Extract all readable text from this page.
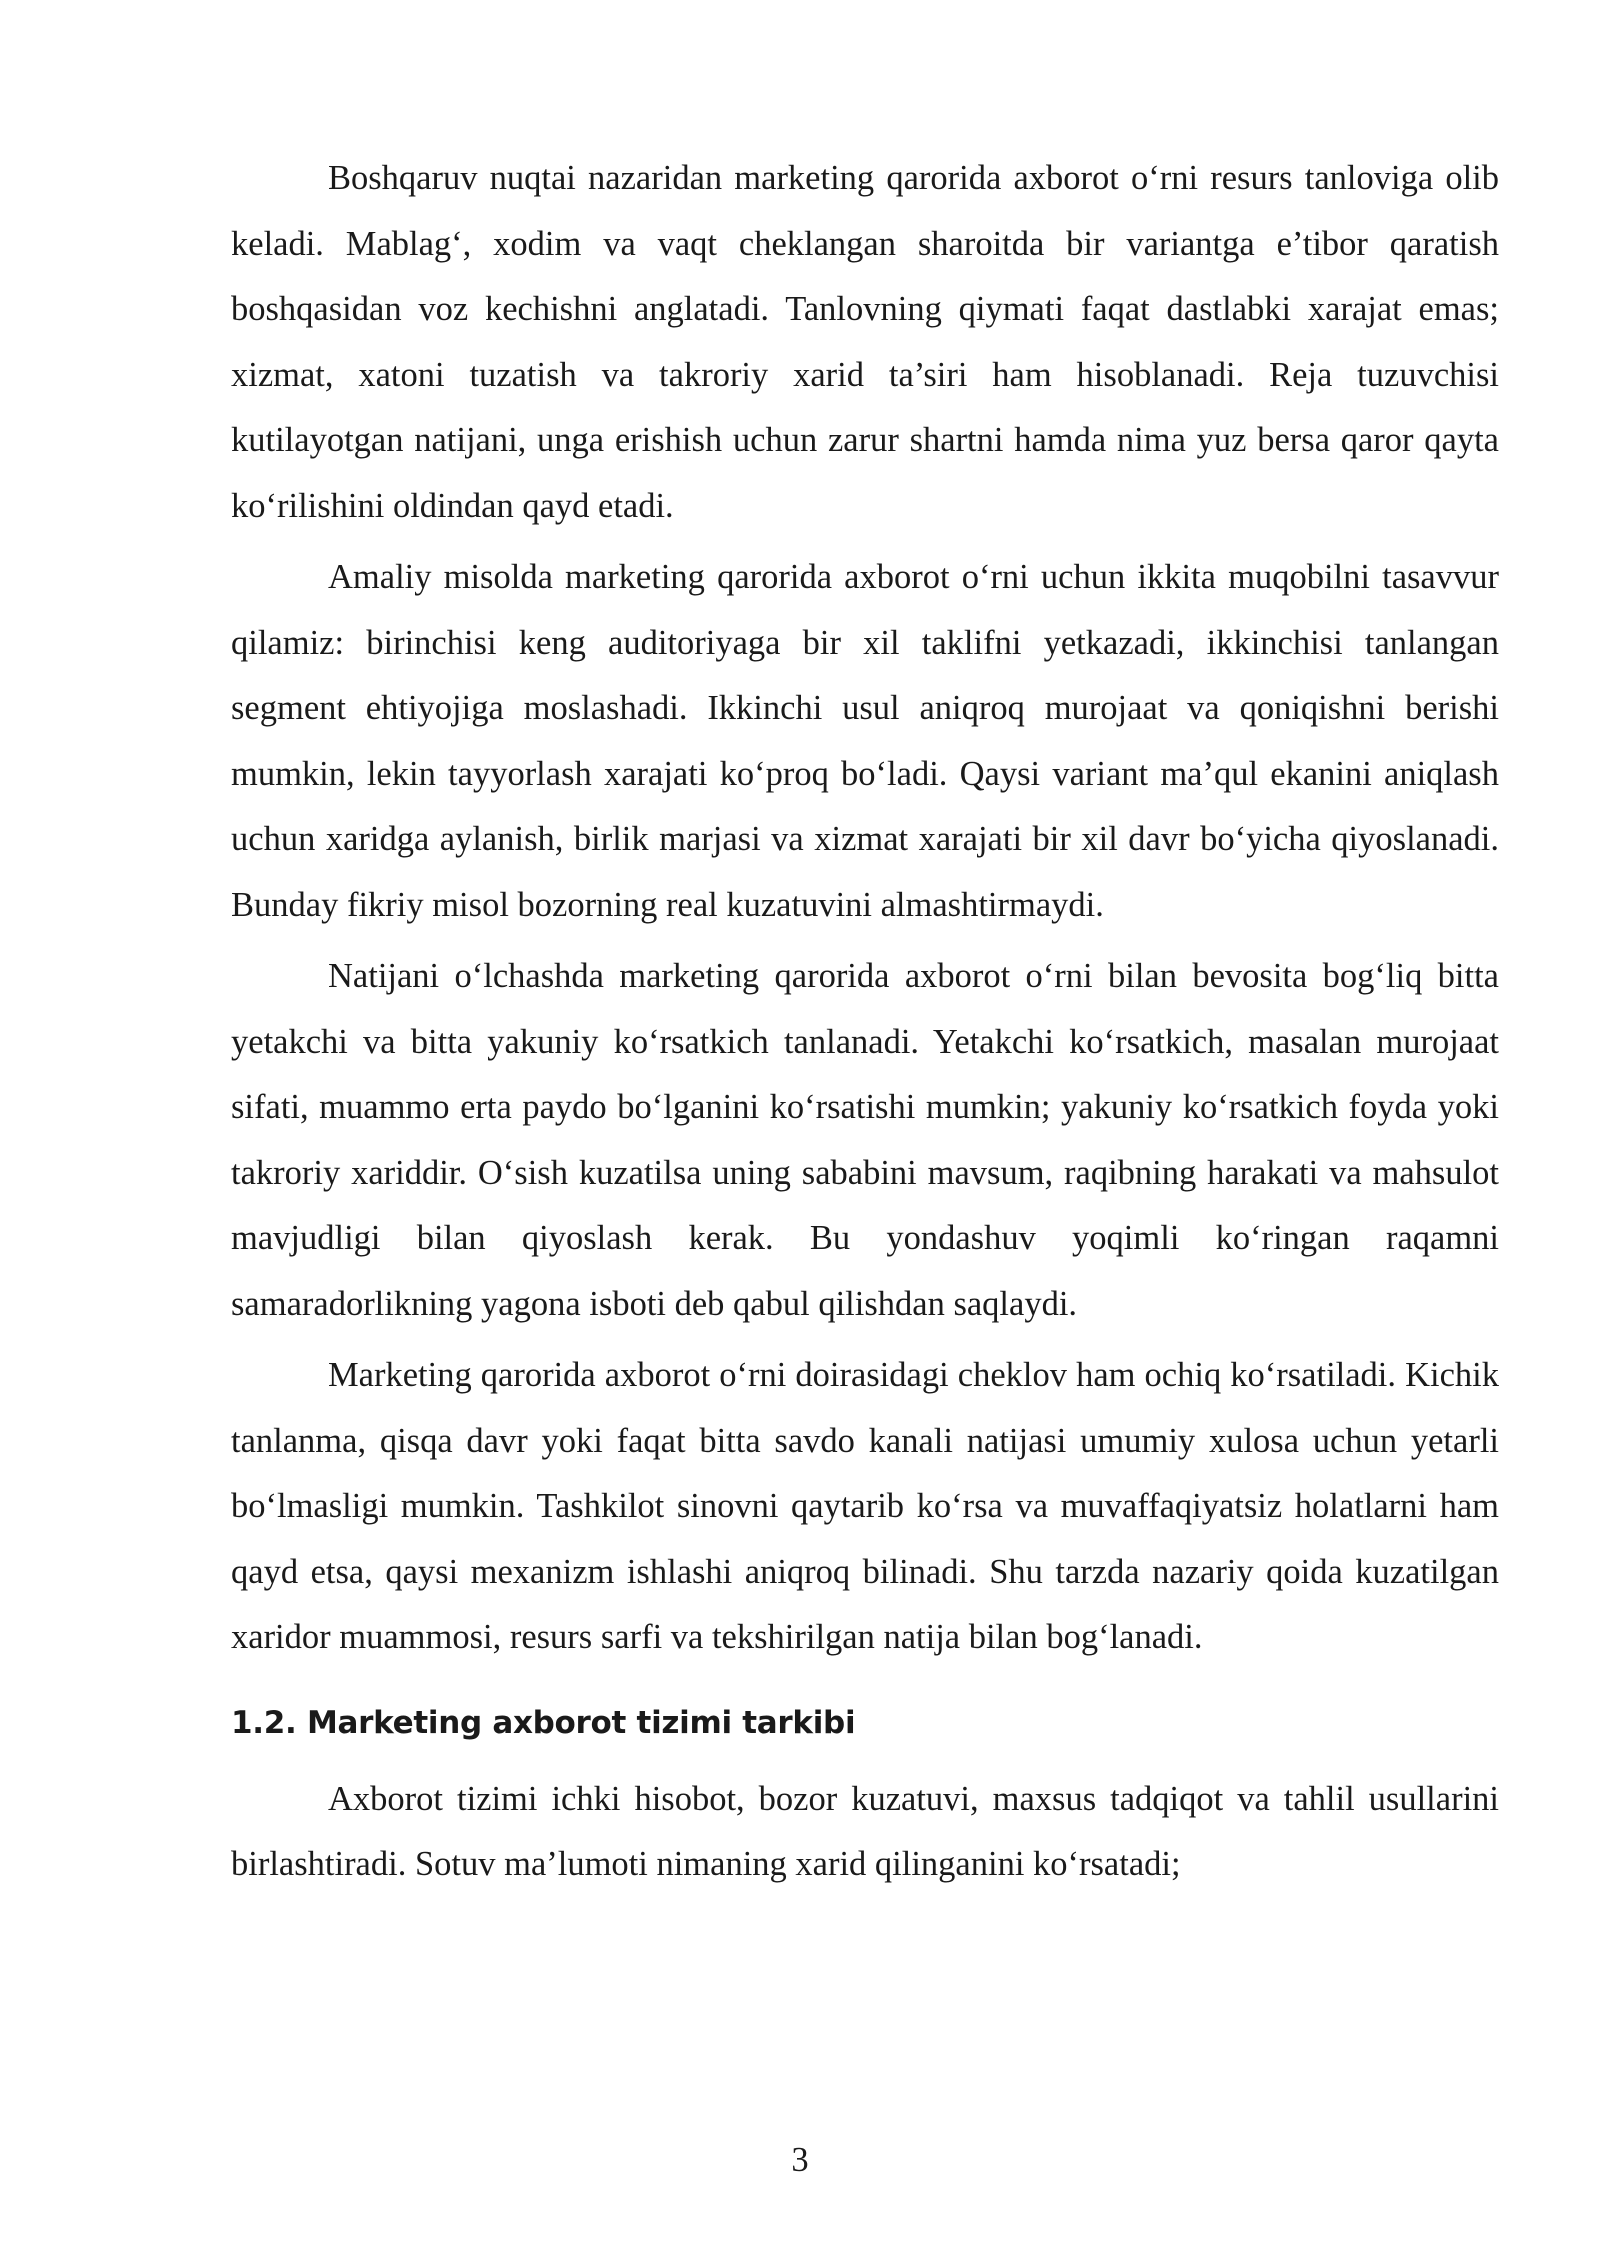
Boshqaruv nuqtai nazaridan marketing qarorida axborot o‘rni resurs tanloviga olib keladi. Mablag‘, xodim va vaqt cheklangan sharoitda bir variantga e’tibor qaratish boshqasidan voz kechishni anglatadi. Tanlovning qiymati faqat dastlabki xarajat emas; xizmat, xatoni tuzatish va takroriy xarid ta’siri ham hisoblanadi. Reja tuzuvchisi kutilayotgan natijani, unga erishish uchun zarur shartni hamda nima yuz bersa qaror qayta ko‘rilishini oldindan qayd etadi.

Amaliy misolda marketing qarorida axborot o‘rni uchun ikkita muqobilni tasavvur qilamiz: birinchisi keng auditoriyaga bir xil taklifni yetkazadi, ikkinchisi tanlangan segment ehtiyojiga moslashadi. Ikkinchi usul aniqroq murojaat va qoniqishni berishi mumkin, lekin tayyorlash xarajati ko‘proq bo‘ladi. Qaysi variant ma’qul ekanini aniqlash uchun xaridga aylanish, birlik marjasi va xizmat xarajati bir xil davr bo‘yicha qiyoslanadi. Bunday fikriy misol bozorning real kuzatuvini almashtirmaydi.

Natijani o‘lchashda marketing qarorida axborot o‘rni bilan bevosita bog‘liq bitta yetakchi va bitta yakuniy ko‘rsatkich tanlanadi. Yetakchi ko‘rsatkich, masalan murojaat sifati, muammo erta paydo bo‘lganini ko‘rsatishi mumkin; yakuniy ko‘rsatkich foyda yoki takroriy xariddir. O‘sish kuzatilsa uning sababini mavsum, raqibning harakati va mahsulot mavjudligi bilan qiyoslash kerak. Bu yondashuv yoqimli ko‘ringan raqamni samaradorlikning yagona isboti deb qabul qilishdan saqlaydi.

Marketing qarorida axborot o‘rni doirasidagi cheklov ham ochiq ko‘rsatiladi. Kichik tanlanma, qisqa davr yoki faqat bitta savdo kanali natijasi umumiy xulosa uchun yetarli bo‘lmasligi mumkin. Tashkilot sinovni qaytarib ko‘rsa va muvaffaqiyatsiz holatlarni ham qayd etsa, qaysi mexanizm ishlashi aniqroq bilinadi. Shu tarzda nazariy qoida kuzatilgan xaridor muammosi, resurs sarfi va tekshirilgan natija bilan bog‘lanadi.

1.2. Marketing axborot tizimi tarkibi

Axborot tizimi ichki hisobot, bozor kuzatuvi, maxsus tadqiqot va tahlil usullarini birlashtiradi. Sotuv ma’lumoti nimaning xarid qilinganini ko‘rsatadi;

3
